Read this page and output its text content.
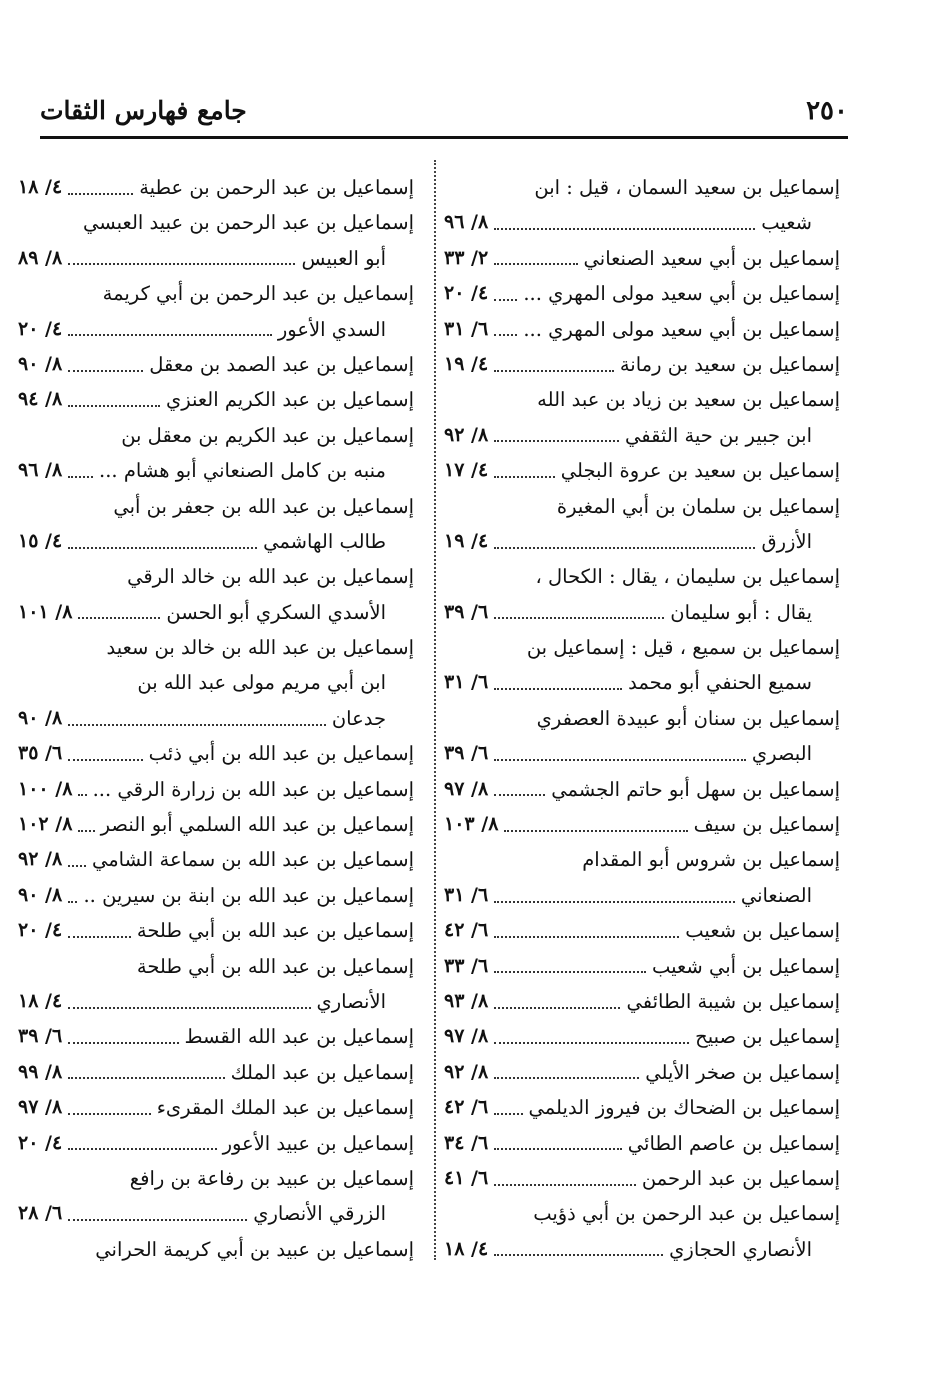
٢٥٠
جامع فهارس الثقات
إسماعيل بن سعيد السمان ، قيل : ابن
شعيب
٨/ ٩٦
إسماعيل بن أبي سعيد الصنعاني
٢/ ٣٣
إسماعيل بن أبي سعيد مولى المهري ...
٤/ ٢٠
إسماعيل بن أبي سعيد مولى المهري ...
٦/ ٣١
إسماعيل بن سعيد بن رمانة
٤/ ١٩
إسماعيل بن سعيد بن زياد بن عبد الله
ابن جبير بن حية الثقفي
٨/ ٩٢
إسماعيل بن سعيد بن عروة البجلي
٤/ ١٧
إسماعيل بن سلمان بن أبي المغيرة
الأزرق
٤/ ١٩
إسماعيل بن سليمان ، يقال : الكحال ،
يقال : أبو سليمان
٦/ ٣٩
إسماعيل بن سميع ، قيل : إسماعيل بن
سميع الحنفي أبو محمد
٦/ ٣١
إسماعيل بن سنان أبو عبيدة العصفري
البصري
٦/ ٣٩
إسماعيل بن سهل أبو حاتم الجشمي
٨/ ٩٧
إسماعيل بن سيف
٨/ ١٠٣
إسماعيل بن شروس أبو المقدام
الصنعاني
٦/ ٣١
إسماعيل بن شعيب
٦/ ٤٢
إسماعيل بن أبي شعيب
٦/ ٣٣
إسماعيل بن شيبة الطائفي
٨/ ٩٣
إسماعيل بن صبيح
٨/ ٩٧
إسماعيل بن صخر الأيلي
٨/ ٩٢
إسماعيل بن الضحاك بن فيروز الديلمي
٦/ ٤٢
إسماعيل بن عاصم الطائي
٦/ ٣٤
إسماعيل بن عبد الرحمن
٦/ ٤١
إسماعيل بن عبد الرحمن بن أبي ذؤيب
الأنصاري الحجازي
٤/ ١٨
إسماعيل بن عبد الرحمن بن عطية
٤/ ١٨
إسماعيل بن عبد الرحمن بن عبيد العبسي
أبو العبيس
٨/ ٨٩
إسماعيل بن عبد الرحمن بن أبي كريمة
السدي الأعور
٤/ ٢٠
إسماعيل بن عبد الصمد بن معقل
٨/ ٩٠
إسماعيل بن عبد الكريم العنزي
٨/ ٩٤
إسماعيل بن عبد الكريم بن معقل بن
منبه بن كامل الصنعاني أبو هشام ...
٨/ ٩٦
إسماعيل بن عبد الله بن جعفر بن أبي
طالب الهاشمي
٤/ ١٥
إسماعيل بن عبد الله بن خالد الرقي
الأسدي السكري أبو الحسن
٨/ ١٠١
إسماعيل بن عبد الله بن خالد بن سعيد
ابن أبي مريم مولى عبد الله بن
جدعان
٨/ ٩٠
إسماعيل بن عبد الله بن أبي ذئب
٦/ ٣٥
إسماعيل بن عبد الله بن زرارة الرقي ...
٨/ ١٠٠
إسماعيل بن عبد الله السلمي أبو النصر
٨/ ١٠٢
إسماعيل بن عبد الله بن سماعة الشامي
٨/ ٩٢
إسماعيل بن عبد الله بن ابنة بن سيرين ..
٨/ ٩٠
إسماعيل بن عبد الله بن أبي طلحة
٤/ ٢٠
إسماعيل بن عبد الله بن أبي طلحة
الأنصاري
٤/ ١٨
إسماعيل بن عبد الله القسط
٦/ ٣٩
إسماعيل بن عبد الملك
٨/ ٩٩
إسماعيل بن عبد الملك المقرىء
٨/ ٩٧
إسماعيل بن عبيد الأعور
٤/ ٢٠
إسماعيل بن عبيد بن رفاعة بن رافع
الزرقي الأنصاري
٦/ ٢٨
إسماعيل بن عبيد بن أبي كريمة الحراني
